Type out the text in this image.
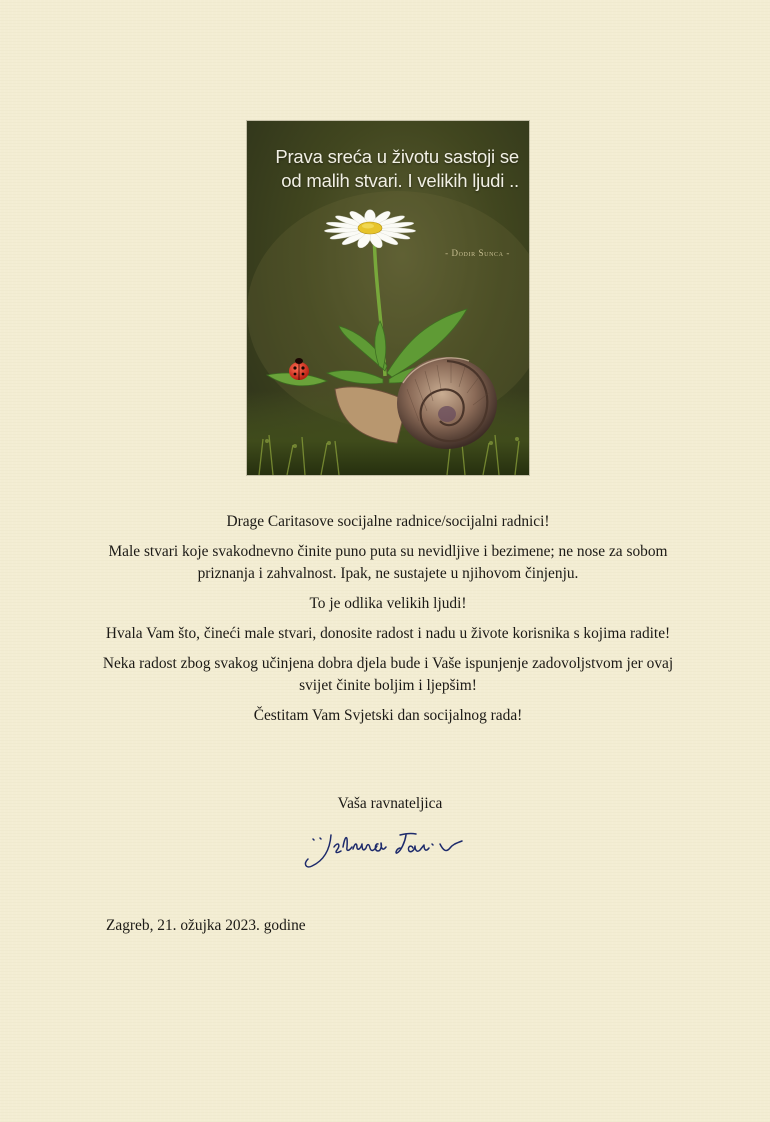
Prava sreća u životu sastoji se
od malih stvari. I velikih ljudi ..

- Dodir Sunca -

Drage Caritasove socijalne radnice/socijalni radnici!

Male stvari koje svakodnevno činite puno puta su nevidljive i bezimene; ne nose za sobom priznanja i zahvalnost. Ipak, ne sustajete u njihovom činjenju.

To je odlika velikih ljudi!

Hvala Vam što, čineći male stvari, donosite radost i nadu u živote korisnika s kojima radite!

Neka radost zbog svakog učinjena dobra djela bude i Vaše ispunjenje zadovoljstvom jer ovaj svijet činite boljim i ljepšim!

Čestitam Vam Svjetski dan socijalnog rada!

Vaša ravnateljica

Zagreb, 21. ožujka 2023. godine
